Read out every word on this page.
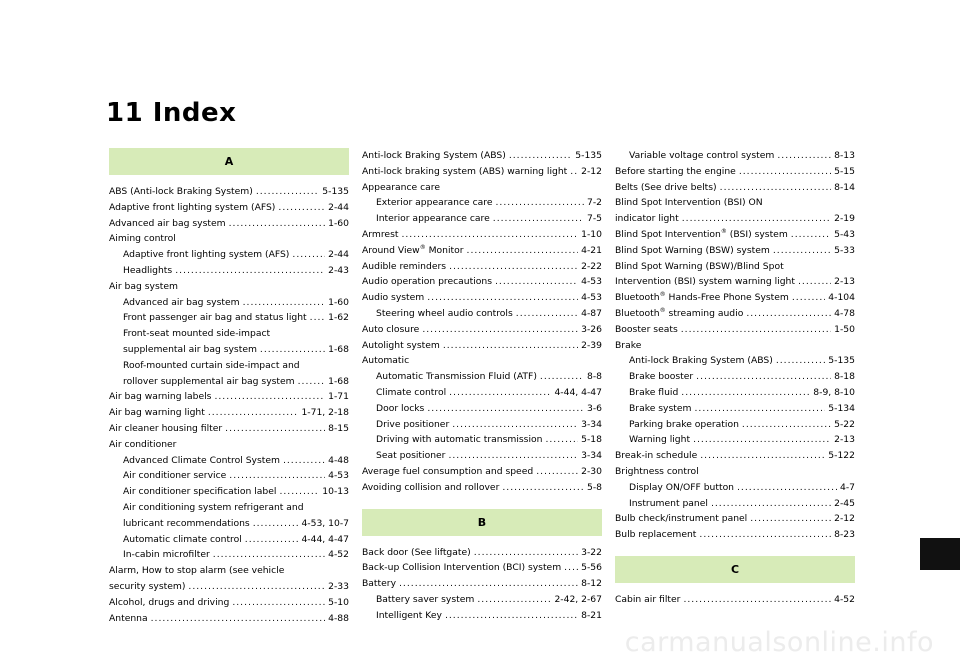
11 Index
A
ABS (Anti-lock Braking System) .....	5-135
Adaptive front lighting system (AFS) .....	2-44
Advanced air bag system .....	1-60
Aiming control
Adaptive front lighting system (AFS) .....	2-44
Headlights .....	2-43
Air bag system
Advanced air bag system .....	1-60
Front passenger air bag and status light ..... 1-62
Front-seat mounted side-impact
supplemental air bag system .....	1-68
Roof-mounted curtain side-impact and
rollover supplemental air bag system .....	1-68
Air bag warning labels .....	1-71
Air bag warning light .....	1-71, 2-18
Air cleaner housing filter .....	8-15
Air conditioner
Advanced Climate Control System .....	4-48
Air conditioner service .....	4-53
Air conditioner specification label .....	10-13
Air conditioning system refrigerant and
lubricant recommendations .....	4-53, 10-7
Automatic climate control .....	4-44, 4-47
In-cabin microfilter .....	4-52
Alarm, How to stop alarm (see vehicle
security system) .....	2-33
Alcohol, drugs and driving .....	5-10
Antenna .....	4-88
Anti-lock Braking System (ABS) .....	5-135
Anti-lock braking system (ABS) warning light ..... 2-12
Appearance care
Exterior appearance care .....	7-2
Interior appearance care .....	7-5
Armrest .....	1-10
Around View® Monitor .....	4-21
Audible reminders .....	2-22
Audio operation precautions .....	4-53
Audio system .....	4-53
Steering wheel audio controls .....	4-87
Auto closure .....	3-26
Autolight system .....	2-39
Automatic
Automatic Transmission Fluid (ATF) .....	8-8
Climate control .....	4-44, 4-47
Door locks .....	3-6
Drive positioner .....	3-34
Driving with automatic transmission .....	5-18
Seat positioner .....	3-34
Average fuel consumption and speed .....	2-30
Avoiding collision and rollover .....	5-8
B
Back door (See liftgate) .....	3-22
Back-up Collision Intervention (BCI) system ..... 5-56
Battery .....	8-12
Battery saver system .....	2-42, 2-67
Intelligent Key .....	8-21
Variable voltage control system .....	8-13
Before starting the engine .....	5-15
Belts (See drive belts) .....	8-14
Blind Spot Intervention (BSI) ON
indicator light .....	2-19
Blind Spot Intervention® (BSI) system .....	5-43
Blind Spot Warning (BSW) system .....	5-33
Blind Spot Warning (BSW)/Blind Spot
Intervention (BSI) system warning light .....	2-13
Bluetooth® Hands-Free Phone System .....	4-104
Bluetooth® streaming audio .....	4-78
Booster seats .....	1-50
Brake
Anti-lock Braking System (ABS) .....	5-135
Brake booster .....	8-18
Brake fluid .....	8-9, 8-10
Brake system .....	5-134
Parking brake operation .....	5-22
Warning light .....	2-13
Break-in schedule .....	5-122
Brightness control
Display ON/OFF button .....	4-7
Instrument panel .....	2-45
Bulb check/instrument panel .....	2-12
Bulb replacement .....	8-23
C
Cabin air filter .....	4-52
carmanualsonline.info
